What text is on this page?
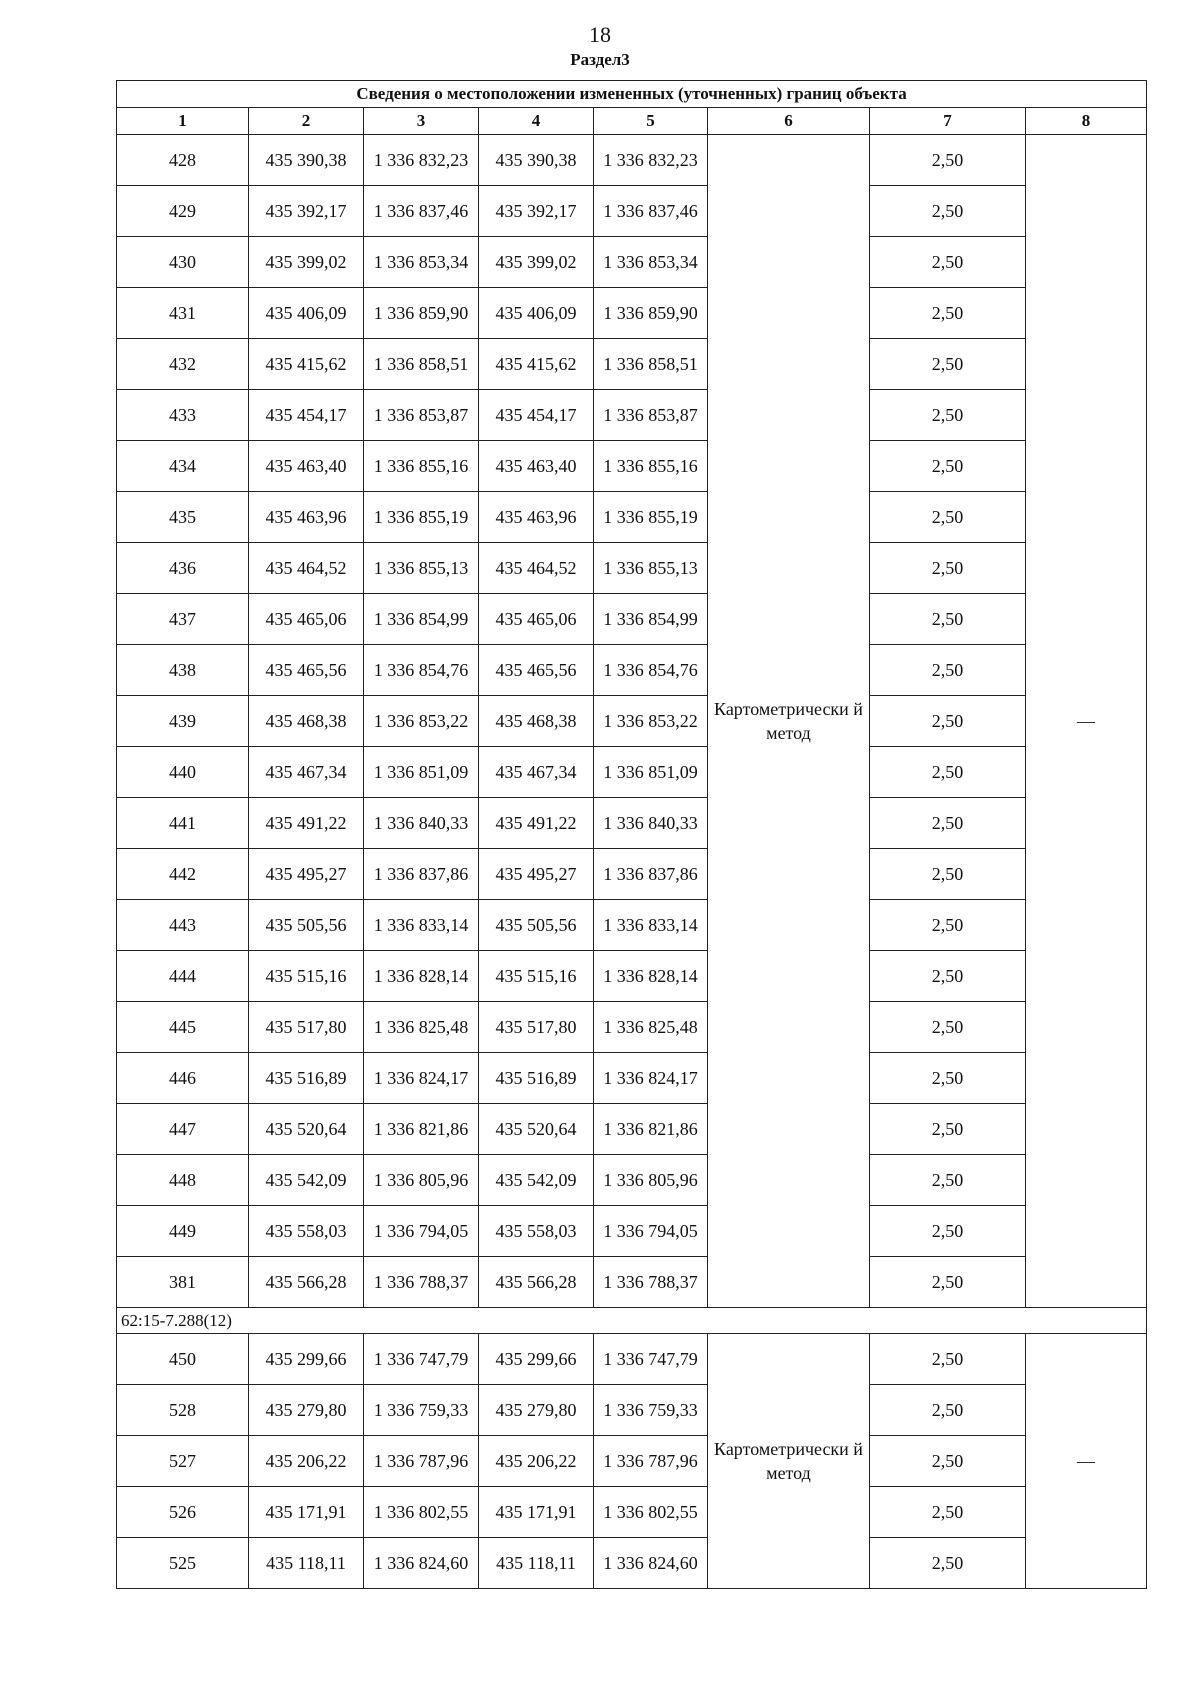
18
Раздел3
Сведения о местоположении измененных (уточненных) границ объекта							
1	2	3	4	5	6	7	8
428	435 390,38	1 336 832,23	435 390,38	1 336 832,23	Картометрически й метод	2,50	—
429	435 392,17	1 336 837,46	435 392,17	1 336 837,46		2,50	
430	435 399,02	1 336 853,34	435 399,02	1 336 853,34		2,50	
431	435 406,09	1 336 859,90	435 406,09	1 336 859,90		2,50	
432	435 415,62	1 336 858,51	435 415,62	1 336 858,51		2,50	
433	435 454,17	1 336 853,87	435 454,17	1 336 853,87		2,50	
434	435 463,40	1 336 855,16	435 463,40	1 336 855,16		2,50	
435	435 463,96	1 336 855,19	435 463,96	1 336 855,19		2,50	
436	435 464,52	1 336 855,13	435 464,52	1 336 855,13		2,50	
437	435 465,06	1 336 854,99	435 465,06	1 336 854,99		2,50	
438	435 465,56	1 336 854,76	435 465,56	1 336 854,76		2,50	
439	435 468,38	1 336 853,22	435 468,38	1 336 853,22		2,50	
440	435 467,34	1 336 851,09	435 467,34	1 336 851,09		2,50	
441	435 491,22	1 336 840,33	435 491,22	1 336 840,33		2,50	
442	435 495,27	1 336 837,86	435 495,27	1 336 837,86		2,50	
443	435 505,56	1 336 833,14	435 505,56	1 336 833,14		2,50	
444	435 515,16	1 336 828,14	435 515,16	1 336 828,14		2,50	
445	435 517,80	1 336 825,48	435 517,80	1 336 825,48		2,50	
446	435 516,89	1 336 824,17	435 516,89	1 336 824,17		2,50	
447	435 520,64	1 336 821,86	435 520,64	1 336 821,86		2,50	
448	435 542,09	1 336 805,96	435 542,09	1 336 805,96		2,50	
449	435 558,03	1 336 794,05	435 558,03	1 336 794,05		2,50	
381	435 566,28	1 336 788,37	435 566,28	1 336 788,37		2,50	
62:15-7.288(12)							
450	435 299,66	1 336 747,79	435 299,66	1 336 747,79	Картометрически й метод	2,50	—
528	435 279,80	1 336 759,33	435 279,80	1 336 759,33		2,50	
527	435 206,22	1 336 787,96	435 206,22	1 336 787,96		2,50	
526	435 171,91	1 336 802,55	435 171,91	1 336 802,55		2,50	
525	435 118,11	1 336 824,60	435 118,11	1 336 824,60		2,50	
